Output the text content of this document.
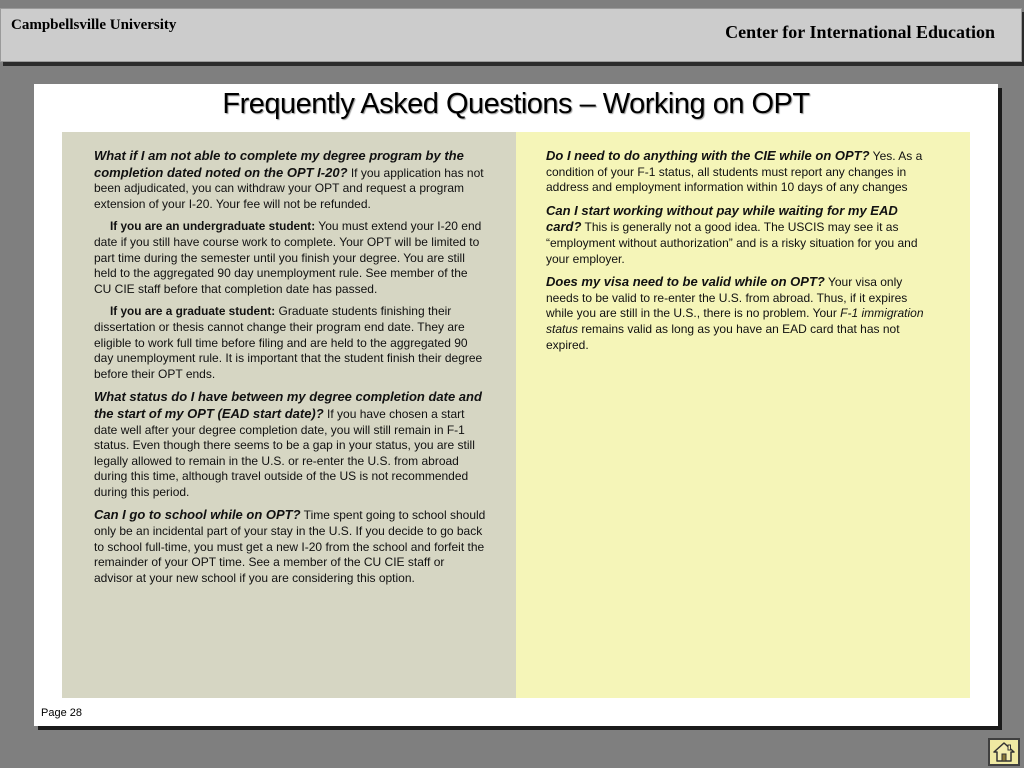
Campbellsville University	Center for International Education
Frequently Asked Questions – Working on OPT

What if I am not able to complete my degree program by the completion dated noted on the OPT I-20? If you application has not been adjudicated, you can withdraw your OPT and request a program extension of your I-20. Your fee will not be refunded.

If you are an undergraduate student: You must extend your I-20 end date if you still have course work to complete. Your OPT will be limited to part time during the semester until you finish your degree. You are still held to the aggregated 90 day unemployment rule. See member of the CU CIE staff before that completion date has passed.

If you are a graduate student: Graduate students finishing their dissertation or thesis cannot change their program end date. They are eligible to work full time before filing and are held to the aggregated 90 day unemployment rule. It is important that the student finish their degree before their OPT ends.

What status do I have between my degree completion date and the start of my OPT (EAD start date)? If you have chosen a start date well after your degree completion date, you will still remain in F-1 status. Even though there seems to be a gap in your status, you are still legally allowed to remain in the U.S. or re-enter the U.S. from abroad during this time, although travel outside of the US is not recommended during this period.

Can I go to school while on OPT? Time spent going to school should only be an incidental part of your stay in the U.S. If you decide to go back to school full-time, you must get a new I-20 from the school and forfeit the remainder of your OPT time. See a member of the CU CIE staff or advisor at your new school if you are considering this option.

Do I need to do anything with the CIE while on OPT? Yes. As a condition of your F-1 status, all students must report any changes in address and employment information within 10 days of any changes

Can I start working without pay while waiting for my EAD card? This is generally not a good idea. The USCIS may see it as “employment without authorization” and is a risky situation for you and your employer.

Does my visa need to be valid while on OPT? Your visa only needs to be valid to re-enter the U.S. from abroad. Thus, if it expires while you are still in the U.S., there is no problem. Your F-1 immigration status remains valid as long as you have an EAD card that has not expired.

Page 28
